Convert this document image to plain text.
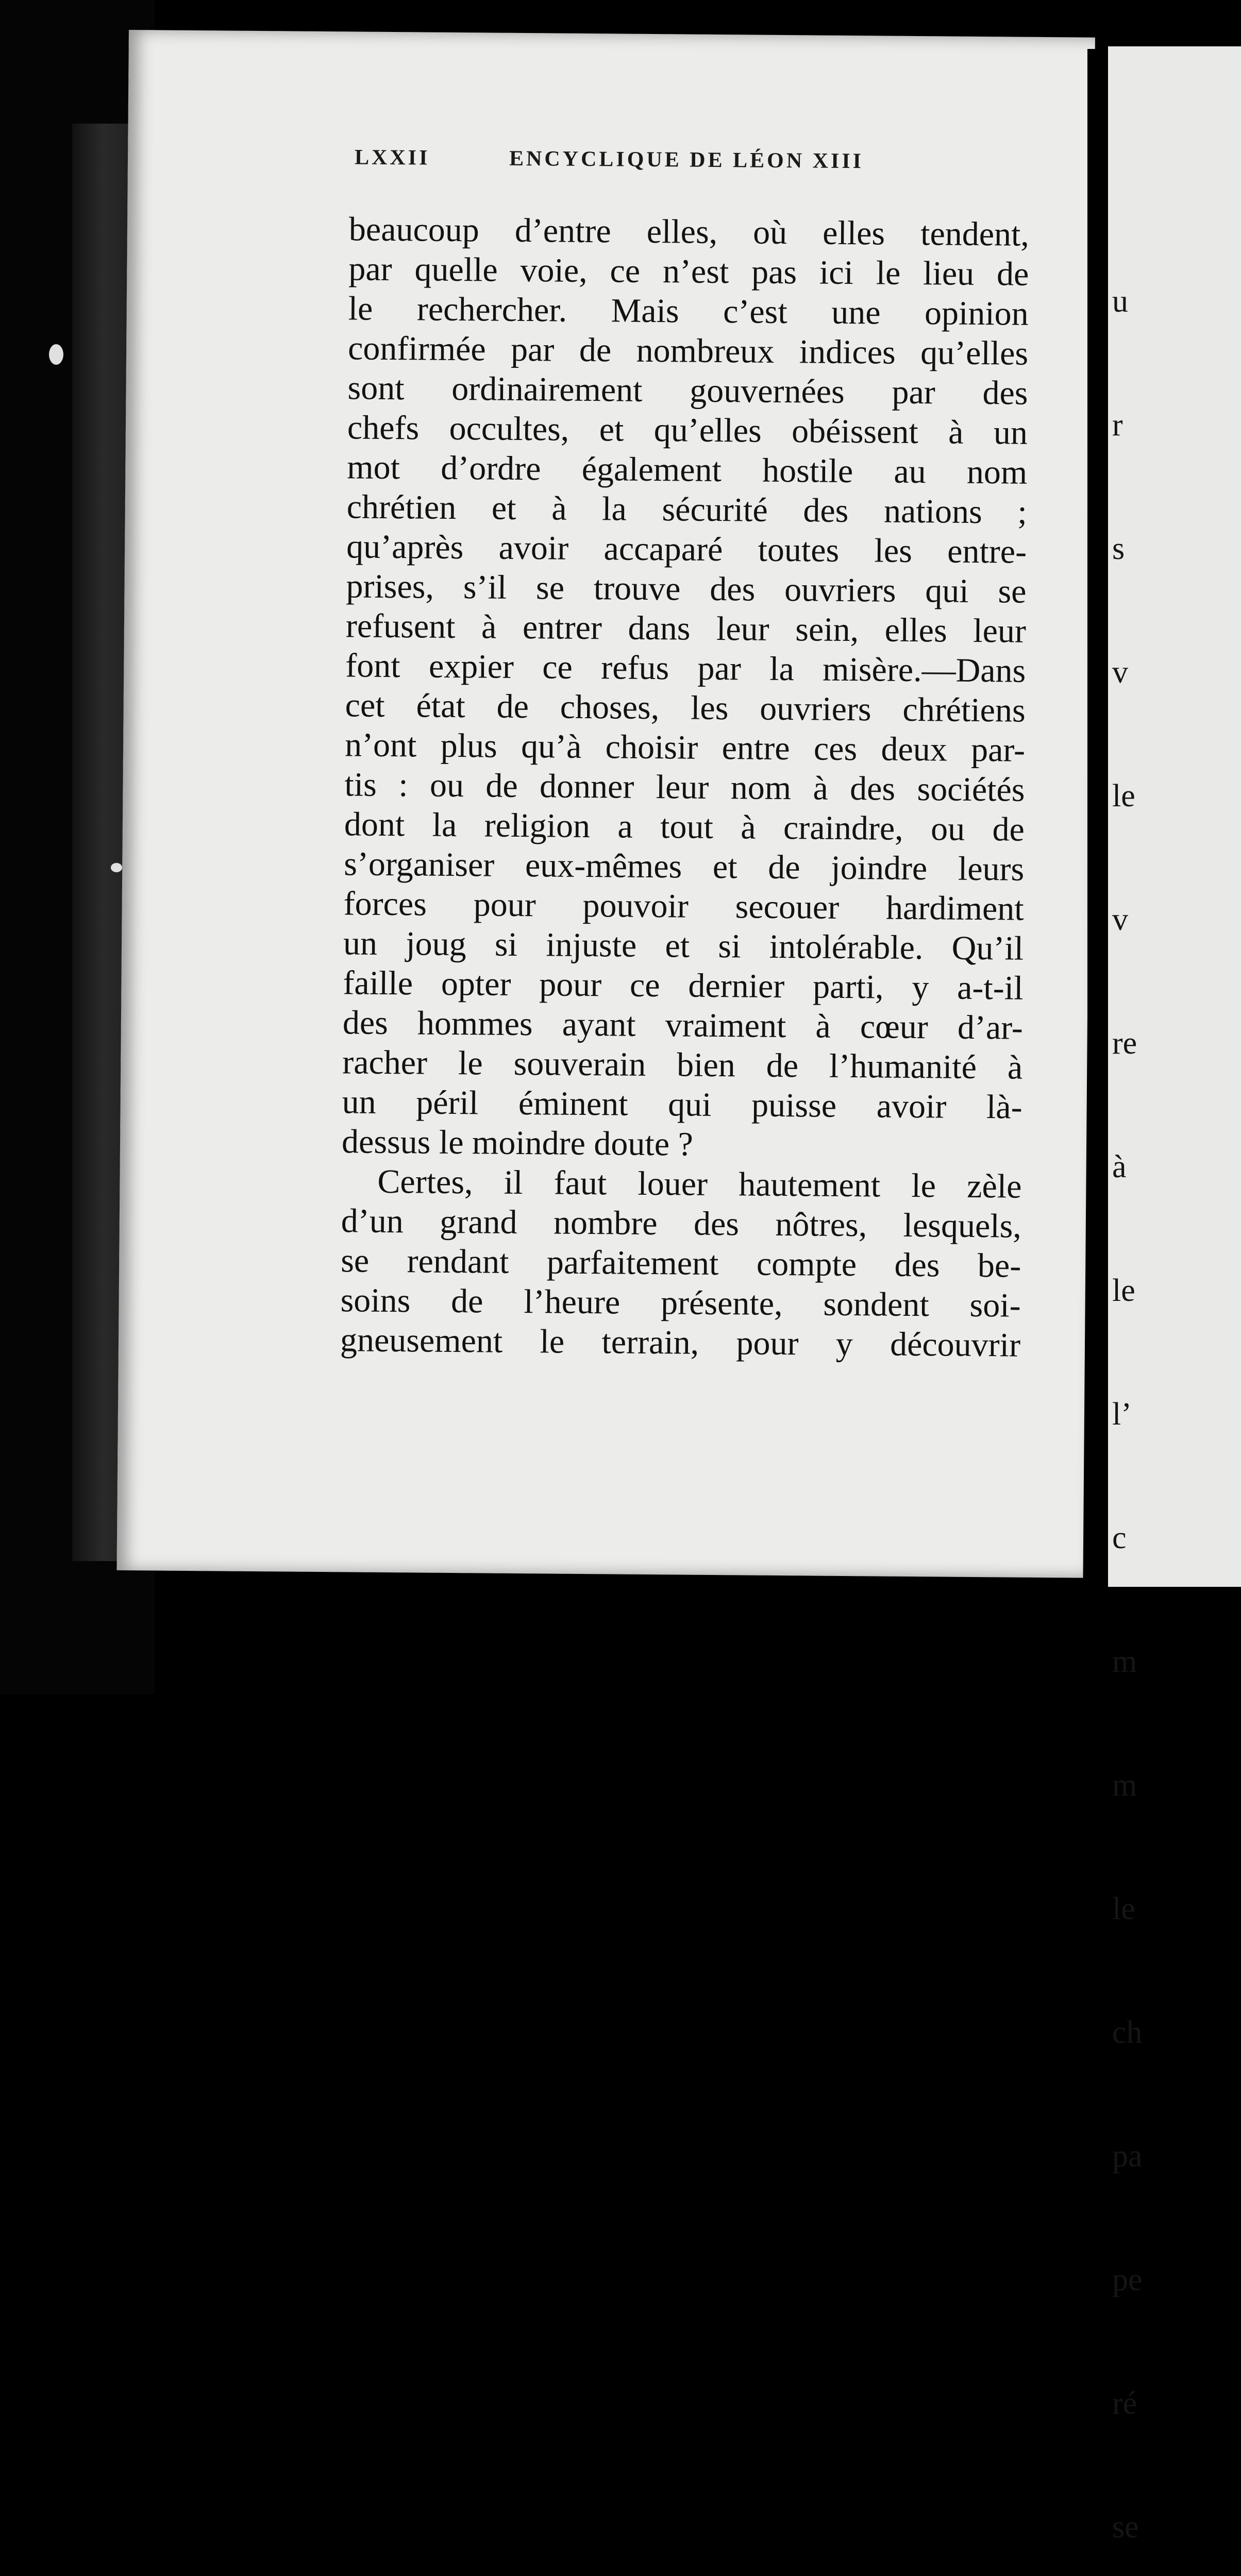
LXXII	ENCYCLIQUE DE LÉON XIII
beaucoup d’entre elles, où elles tendent,
par quelle voie, ce n’est pas ici le lieu de
le rechercher. Mais c’est une opinion
confirmée par de nombreux indices qu’elles
sont ordinairement gouvernées par des
chefs occultes, et qu’elles obéissent à un
mot d’ordre également hostile au nom
chrétien et à la sécurité des nations ;
qu’après avoir accaparé toutes les entre-
prises, s’il se trouve des ouvriers qui se
refusent à entrer dans leur sein, elles leur
font expier ce refus par la misère.—Dans
cet état de choses, les ouvriers chrétiens
n’ont plus qu’à choisir entre ces deux par-
tis : ou de donner leur nom à des sociétés
dont la religion a tout à craindre, ou de
s’organiser eux-mêmes et de joindre leurs
forces pour pouvoir secouer hardiment
un joug si injuste et si intolérable. Qu’il
faille opter pour ce dernier parti, y a-t-il
des hommes ayant vraiment à cœur d’ar-
racher le souverain bien de l’humanité à
un péril éminent qui puisse avoir là-
dessus le moindre doute ?
Certes, il faut louer hautement le zèle
d’un grand nombre des nôtres, lesquels,
se rendant parfaitement compte des be-
soins de l’heure présente, sondent soi-
gneusement le terrain, pour y découvrir

u

r

s

v

le

v

re

à

le

l’

c

m

m

le

ch

pa

pe

ré

se
